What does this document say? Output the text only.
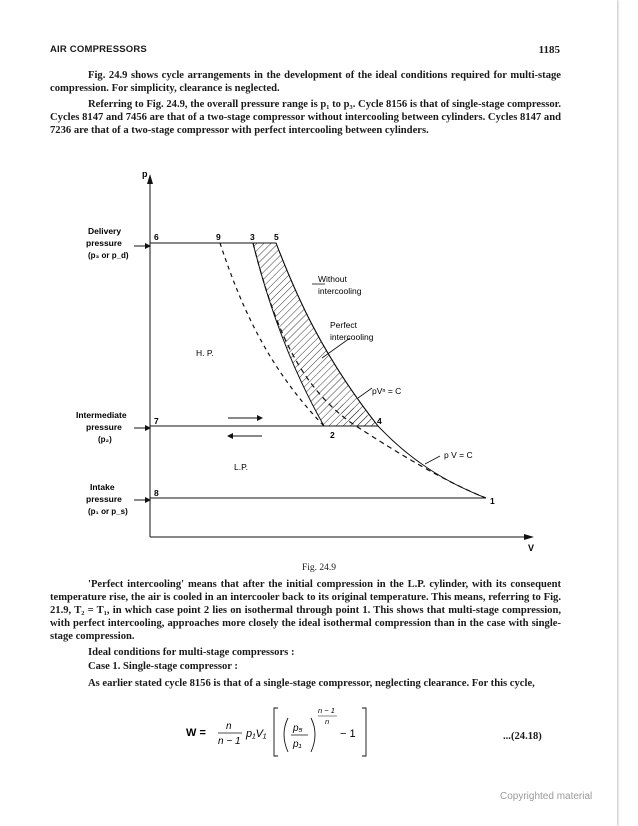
AIR COMPRESSORS	1185

Fig. 24.9 shows cycle arrangements in the development of the ideal conditions required for multi-stage compression. For simplicity, clearance is neglected.

Referring to Fig. 24.9, the overall pressure range is p₁ to p₃. Cycle 8156 is that of single-stage compressor. Cycles 8147 and 7456 are that of a two-stage compressor without intercooling between cylinders. Cycles 8147 and 7236 are that of a two-stage compressor with perfect intercooling between cylinders.

p
V
Delivery
pressure
(p₃ or p_d)
Intermediate
pressure
(p₂)
Intake
pressure
(p₁ or p_s)
6	9	3 5
7
2
4
8
1
H. P.
L.P.
Without
intercooling
Perfect
intercooling
pVⁿ = C
p V = C
Fig. 24.9

'Perfect intercooling' means that after the initial compression in the L.P. cylinder, with its consequent temperature rise, the air is cooled in an intercooler back to its original temperature. This means, referring to Fig. 21.9, T₂ = T₁, in which case point 2 lies on isothermal through point 1. This shows that multi-stage compression, with perfect intercooling, approaches more closely the ideal isothermal compression than in the case with single-stage compression.

Ideal conditions for multi-stage compressors :

Case 1. Single-stage compressor :

As earlier stated cycle 8156 is that of a single-stage compressor, neglecting clearance. For this cycle,

W =
n
n − 1
p₁V₁	p₅
p₁
n − 1
n
− 1	...(24.18)
Copyrighted material
